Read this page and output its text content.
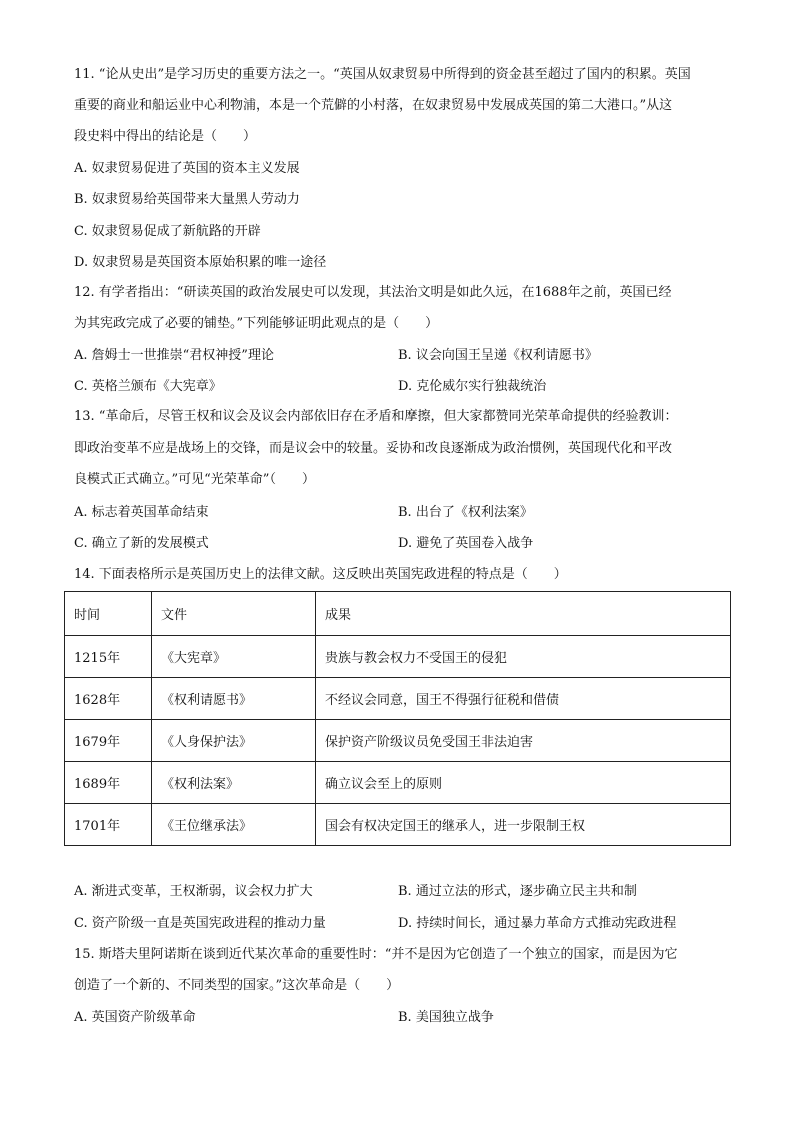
11. “论从史出”是学习历史的重要方法之一。“英国从奴隶贸易中所得到的资金甚至超过了国内的积累。英国
重要的商业和船运业中心利物浦，本是一个荒僻的小村落，在奴隶贸易中发展成英国的第二大港口。”从这
段史料中得出的结论是（　　）
A. 奴隶贸易促进了英国的资本主义发展
B. 奴隶贸易给英国带来大量黑人劳动力
C. 奴隶贸易促成了新航路的开辟
D. 奴隶贸易是英国资本原始积累的唯一途径
12. 有学者指出：“研读英国的政治发展史可以发现，其法治文明是如此久远，在1688年之前，英国已经
为其宪政完成了必要的铺垫。”下列能够证明此观点的是（　　）
A. 詹姆士一世推崇“君权神授”理论	B. 议会向国王呈递《权利请愿书》
C. 英格兰颁布《大宪章》	D. 克伦威尔实行独裁统治
13. “革命后，尽管王权和议会及议会内部依旧存在矛盾和摩擦，但大家都赞同光荣革命提供的经验教训：
即政治变革不应是战场上的交锋，而是议会中的较量。妥协和改良逐渐成为政治惯例，英国现代化和平改
良模式正式确立。”可见“光荣革命”（　　）
A. 标志着英国革命结束	B. 出台了《权利法案》
C. 确立了新的发展模式	D. 避免了英国卷入战争
14. 下面表格所示是英国历史上的法律文献。这反映出英国宪政进程的特点是（　　）
时间	文件	成果
1215年	《大宪章》	贵族与教会权力不受国王的侵犯
1628年	《权利请愿书》	不经议会同意，国王不得强行征税和借债
1679年	《人身保护法》	保护资产阶级议员免受国王非法迫害
1689年	《权利法案》	确立议会至上的原则
1701年	《王位继承法》	国会有权决定国王的继承人，进一步限制王权
A. 渐进式变革，王权渐弱，议会权力扩大	B. 通过立法的形式，逐步确立民主共和制
C. 资产阶级一直是英国宪政进程的推动力量	D. 持续时间长，通过暴力革命方式推动宪政进程
15. 斯塔夫里阿诺斯在谈到近代某次革命的重要性时：“并不是因为它创造了一个独立的国家，而是因为它
创造了一个新的、不同类型的国家。”这次革命是（　　）
A. 英国资产阶级革命	B. 美国独立战争
